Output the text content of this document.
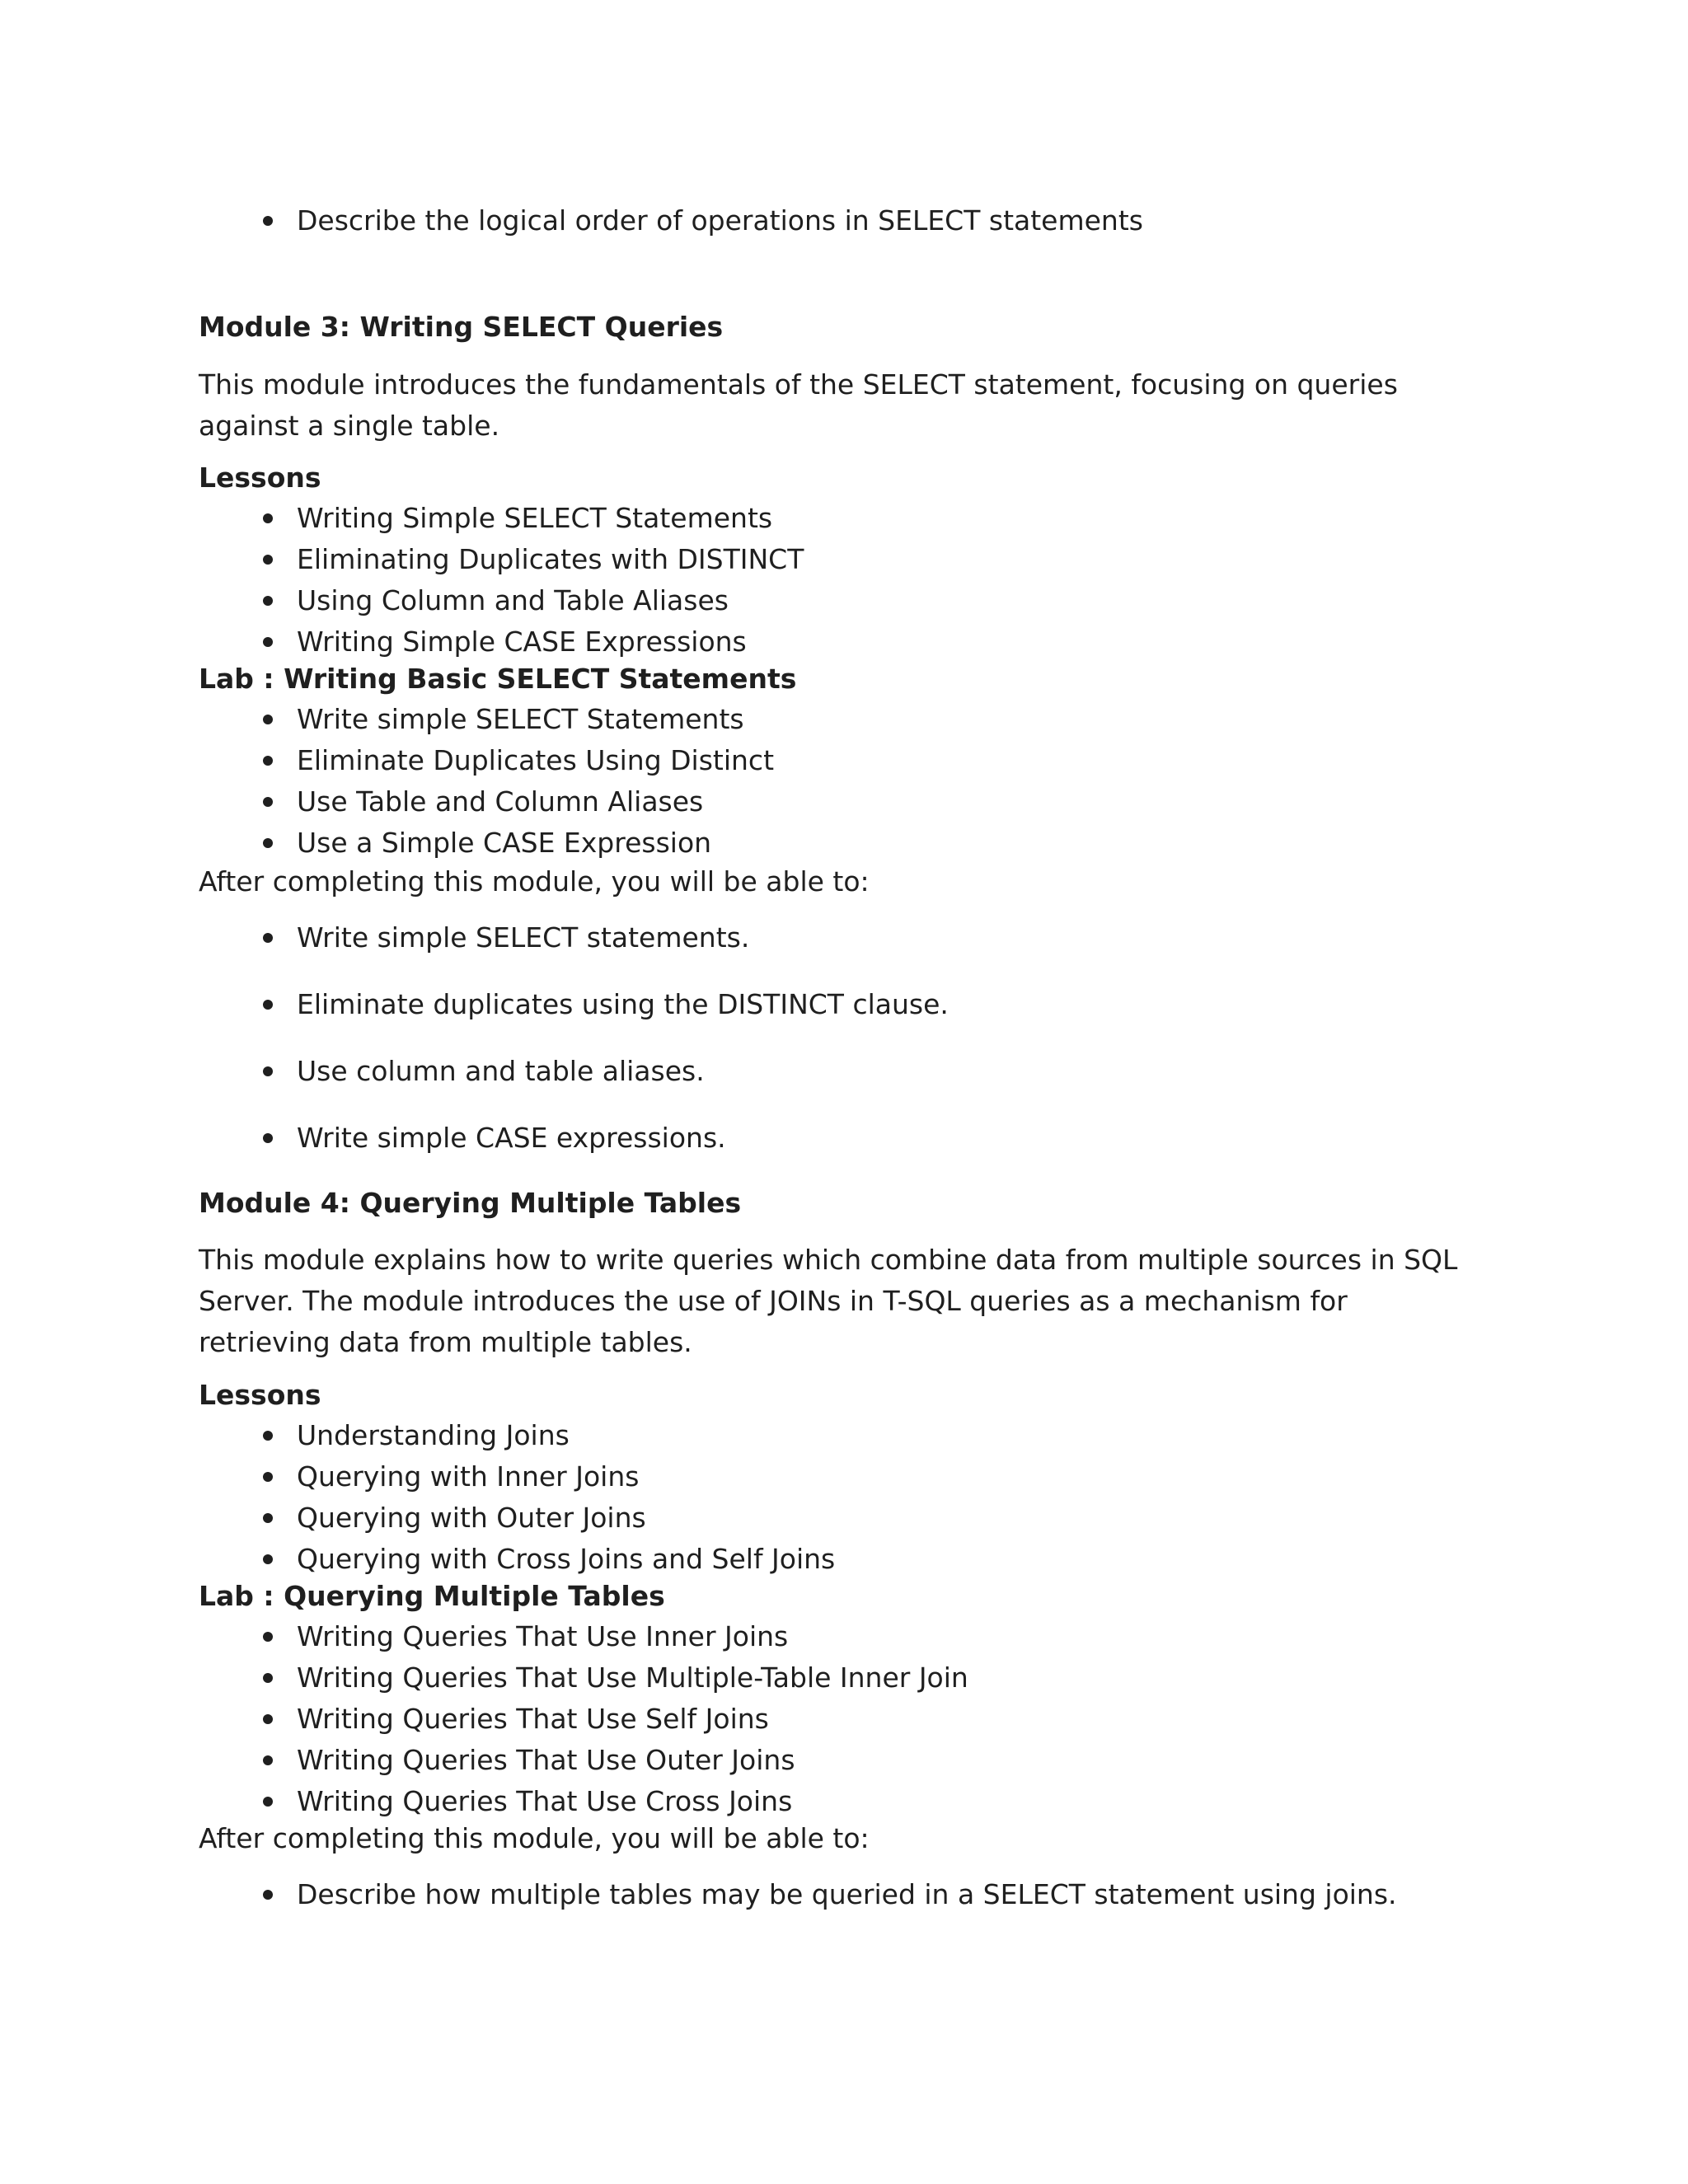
Describe the logical order of operations in SELECT statements

Module 3: Writing SELECT Queries

This module introduces the fundamentals of the SELECT statement, focusing on queries against a single table.

Lessons

Writing Simple SELECT Statements
Eliminating Duplicates with DISTINCT
Using Column and Table Aliases
Writing Simple CASE Expressions

Lab : Writing Basic SELECT Statements

Write simple SELECT Statements
Eliminate Duplicates Using Distinct
Use Table and Column Aliases
Use a Simple CASE Expression

After completing this module, you will be able to:

Write simple SELECT statements.
Eliminate duplicates using the DISTINCT clause.
Use column and table aliases.
Write simple CASE expressions.

Module 4: Querying Multiple Tables

This module explains how to write queries which combine data from multiple sources in SQL Server. The module introduces the use of JOINs in T-SQL queries as a mechanism for retrieving data from multiple tables.

Lessons

Understanding Joins
Querying with Inner Joins
Querying with Outer Joins
Querying with Cross Joins and Self Joins

Lab : Querying Multiple Tables

Writing Queries That Use Inner Joins
Writing Queries That Use Multiple-Table Inner Join
Writing Queries That Use Self Joins
Writing Queries That Use Outer Joins
Writing Queries That Use Cross Joins

After completing this module, you will be able to:

Describe how multiple tables may be queried in a SELECT statement using joins.
